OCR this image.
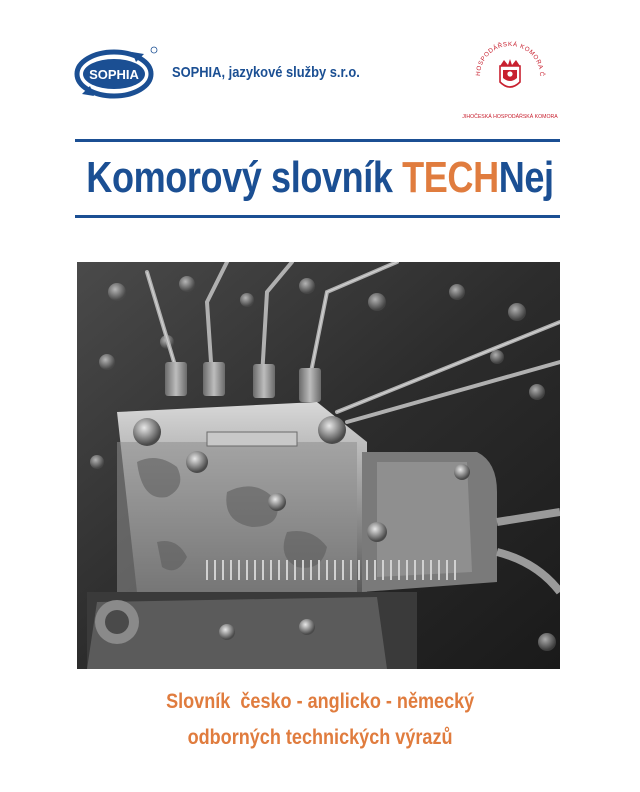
SOPHIA SOPHIA, jazykové služby s.r.o.	HOSPODÁŘSKÁ KOMORA Č
JIHOČESKÁ HOSPODÁŘSKÁ KOMORA
Komorový slovník TECHNej
Slovník  česko - anglicko - německý
odborných technických výrazů
